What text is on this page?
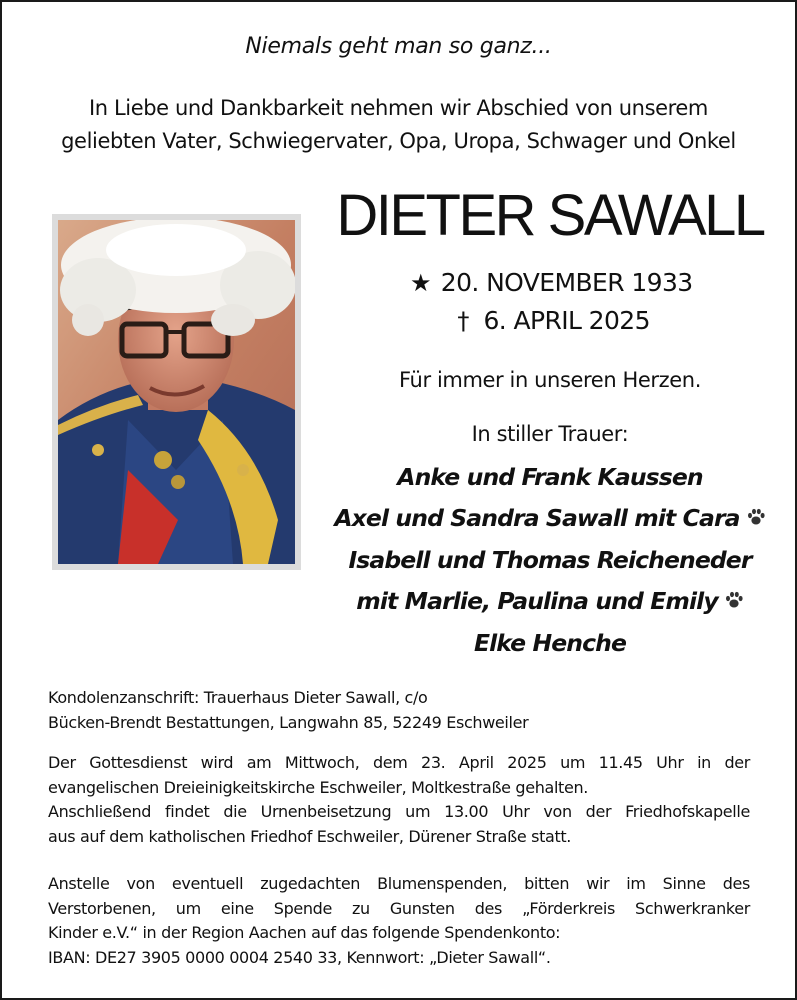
Niemals geht man so ganz...
In Liebe und Dankbarkeit nehmen wir Abschied von unserem
geliebten Vater, Schwiegervater, Opa, Uropa, Schwager und Onkel
DIETER SAWALL
★ 20. NOVEMBER 1933
† 6. APRIL 2025
Für immer in unseren Herzen.
In stiller Trauer:
Anke und Frank Kaussen
Axel und Sandra Sawall mit Cara
Isabell und Thomas Reicheneder
mit Marlie, Paulina und Emily
Elke Henche
Kondolenzanschrift: Trauerhaus Dieter Sawall, c/o
Bücken-Brendt Bestattungen, Langwahn 85, 52249 Eschweiler
Der Gottesdienst wird am Mittwoch, dem 23. April 2025 um 11.45 Uhr in der
evangelischen Dreieinigkeitskirche Eschweiler, Moltkestraße gehalten.
Anschließend findet die Urnenbeisetzung um 13.00 Uhr von der Friedhofskapelle
aus auf dem katholischen Friedhof Eschweiler, Dürener Straße statt.
Anstelle von eventuell zugedachten Blumenspenden, bitten wir im Sinne des
Verstorbenen, um eine Spende zu Gunsten des „Förderkreis Schwerkranker
Kinder e.V.“ in der Region Aachen auf das folgende Spendenkonto:
IBAN: DE27 3905 0000 0004 2540 33, Kennwort: „Dieter Sawall“.
